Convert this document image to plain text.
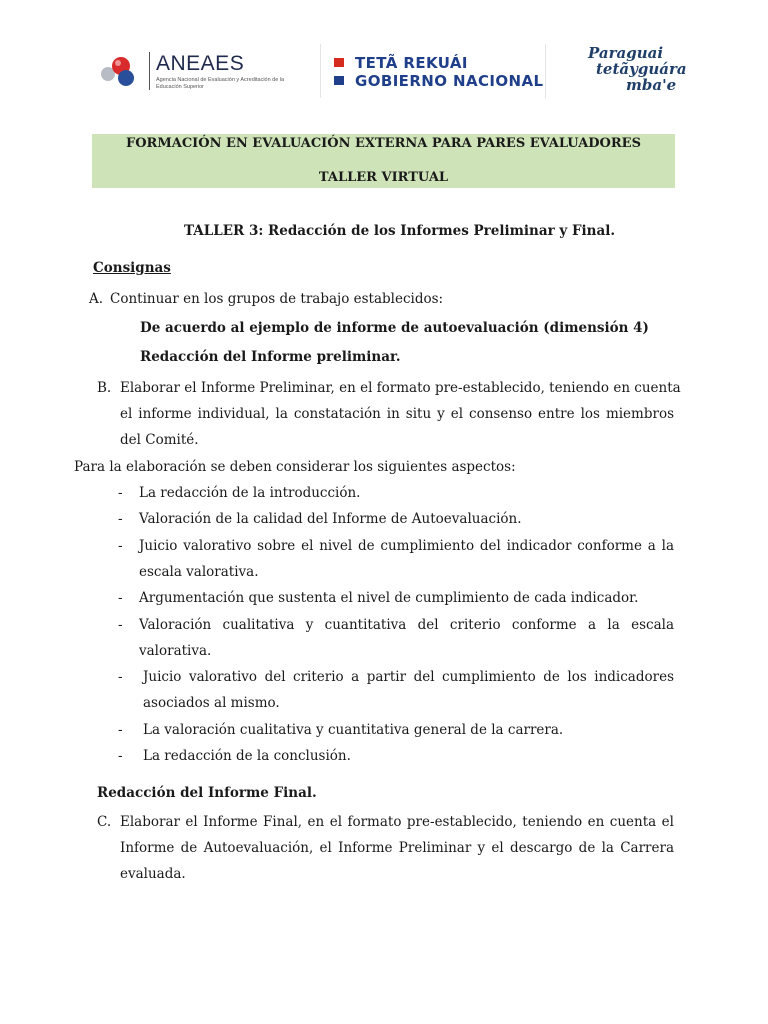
ANEAES
Agencia Nacional de Evaluación y Acreditación de la Educación Superior
TETÃ REKUÁI
GOBIERNO NACIONAL
Paraguai
tetãyguára
mba'e
FORMACIÓN EN EVALUACIÓN EXTERNA PARA PARES EVALUADORES
TALLER VIRTUAL
TALLER 3: Redacción de los Informes Preliminar y Final.
Consignas
A. Continuar en los grupos de trabajo establecidos:
De acuerdo al ejemplo de informe de autoevaluación (dimensión 4)
Redacción del Informe preliminar.
B. Elaborar el Informe Preliminar, en el formato pre-establecido, teniendo en cuenta
el informe individual, la constatación in situ y el consenso entre los miembros
del Comité.
Para la elaboración se deben considerar los siguientes aspectos:
- La redacción de la introducción.
- Valoración de la calidad del Informe de Autoevaluación.
- Juicio valorativo sobre el nivel de cumplimiento del indicador conforme a la
escala valorativa.
- Argumentación que sustenta el nivel de cumplimiento de cada indicador.
- Valoración cualitativa y cuantitativa del criterio conforme a la escala
valorativa.
- Juicio valorativo del criterio a partir del cumplimiento de los indicadores
asociados al mismo.
- La valoración cualitativa y cuantitativa general de la carrera.
- La redacción de la conclusión.
Redacción del Informe Final.
C. Elaborar el Informe Final, en el formato pre-establecido, teniendo en cuenta el
Informe de Autoevaluación, el Informe Preliminar y el descargo de la Carrera
evaluada.
